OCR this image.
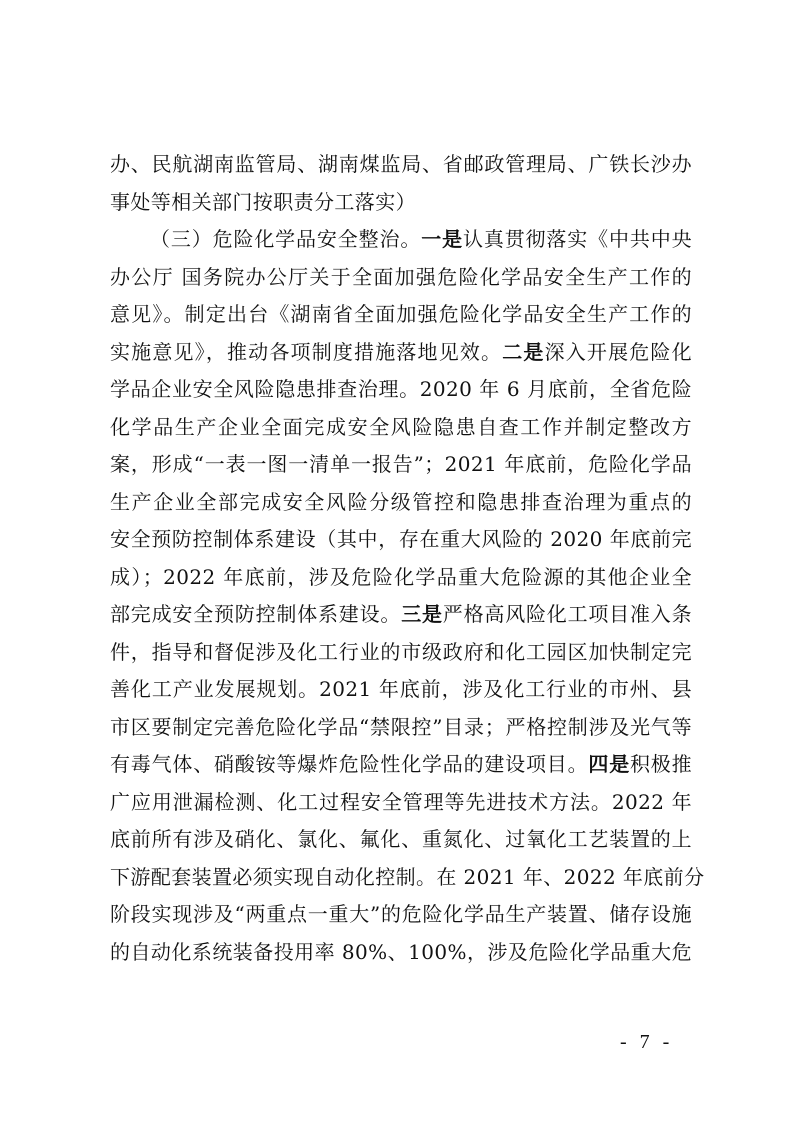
办、民航湖南监管局、湖南煤监局、省邮政管理局、广铁长沙办
事处等相关部门按职责分工落实）
（三）危险化学品安全整治。一是认真贯彻落实《中共中央
办公厅 国务院办公厅关于全面加强危险化学品安全生产工作的
意见》。制定出台《湖南省全面加强危险化学品安全生产工作的
实施意见》，推动各项制度措施落地见效。二是深入开展危险化
学品企业安全风险隐患排查治理。2020 年 6 月底前，全省危险
化学品生产企业全面完成安全风险隐患自查工作并制定整改方
案，形成“一表一图一清单一报告”；2021 年底前，危险化学品
生产企业全部完成安全风险分级管控和隐患排查治理为重点的
安全预防控制体系建设（其中，存在重大风险的 2020 年底前完
成）；2022 年底前，涉及危险化学品重大危险源的其他企业全
部完成安全预防控制体系建设。三是严格高风险化工项目准入条
件，指导和督促涉及化工行业的市级政府和化工园区加快制定完
善化工产业发展规划。2021 年底前，涉及化工行业的市州、县
市区要制定完善危险化学品“禁限控”目录；严格控制涉及光气等
有毒气体、硝酸铵等爆炸危险性化学品的建设项目。四是积极推
广应用泄漏检测、化工过程安全管理等先进技术方法。2022 年
底前所有涉及硝化、氯化、氟化、重氮化、过氧化工艺装置的上
下游配套装置必须实现自动化控制。在 2021 年、2022 年底前分
阶段实现涉及“两重点一重大”的危险化学品生产装置、储存设施
的自动化系统装备投用率 80%、100%，涉及危险化学品重大危
- 7 -
